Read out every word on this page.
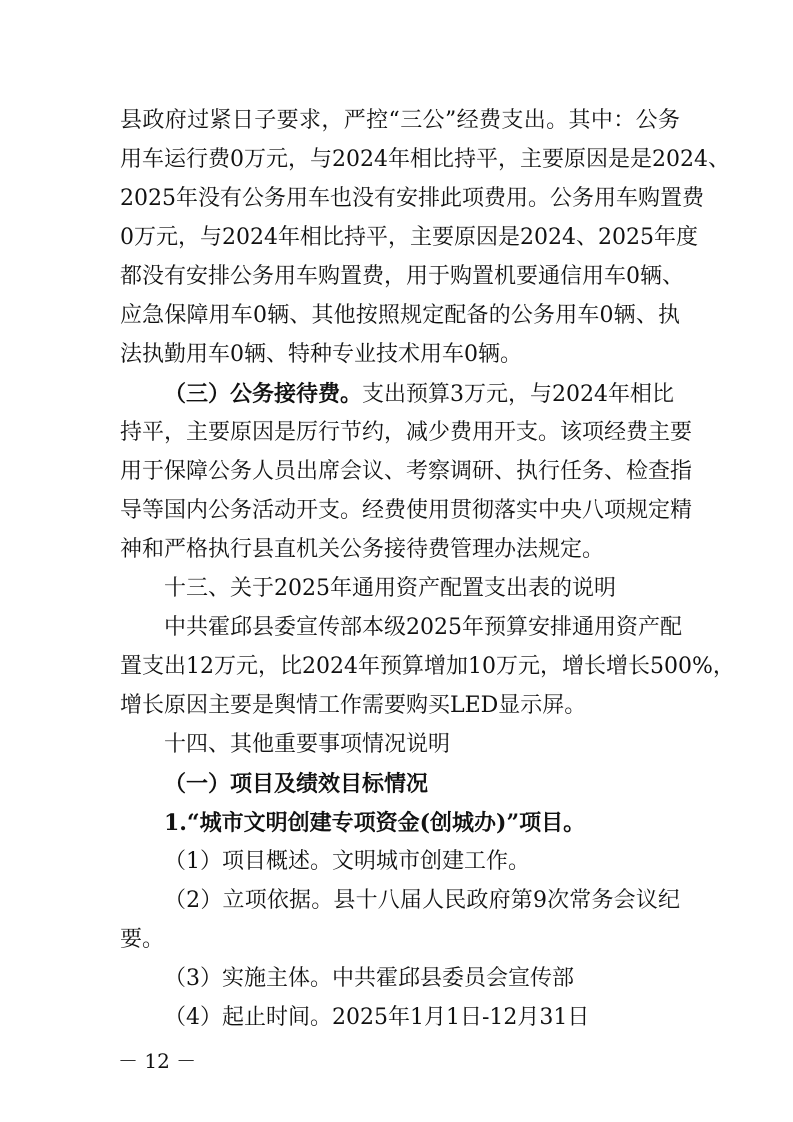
县政府过紧日子要求，严控“三公”经费支出。其中：公务
用车运行费0万元，与2024年相比持平，主要原因是是2024、
2025年没有公务用车也没有安排此项费用。公务用车购置费
0万元，与2024年相比持平，主要原因是2024、2025年度
都没有安排公务用车购置费，用于购置机要通信用车0辆、
应急保障用车0辆、其他按照规定配备的公务用车0辆、执
法执勤用车0辆、特种专业技术用车0辆。
（三）公务接待费。支出预算3万元，与2024年相比
持平，主要原因是厉行节约，减少费用开支。该项经费主要
用于保障公务人员出席会议、考察调研、执行任务、检查指
导等国内公务活动开支。经费使用贯彻落实中央八项规定精
神和严格执行县直机关公务接待费管理办法规定。
十三、关于2025年通用资产配置支出表的说明
中共霍邱县委宣传部本级2025年预算安排通用资产配
置支出12万元，比2024年预算增加10万元，增长增长500%，
增长原因主要是舆情工作需要购买LED显示屏。
十四、其他重要事项情况说明
（一）项目及绩效目标情况
1.“城市文明创建专项资金(创城办)”项目。
（1）项目概述。文明城市创建工作。
（2）立项依据。县十八届人民政府第9次常务会议纪
要。
（3）实施主体。中共霍邱县委员会宣传部
（4）起止时间。2025年1月1日-12月31日
－ 12 －
